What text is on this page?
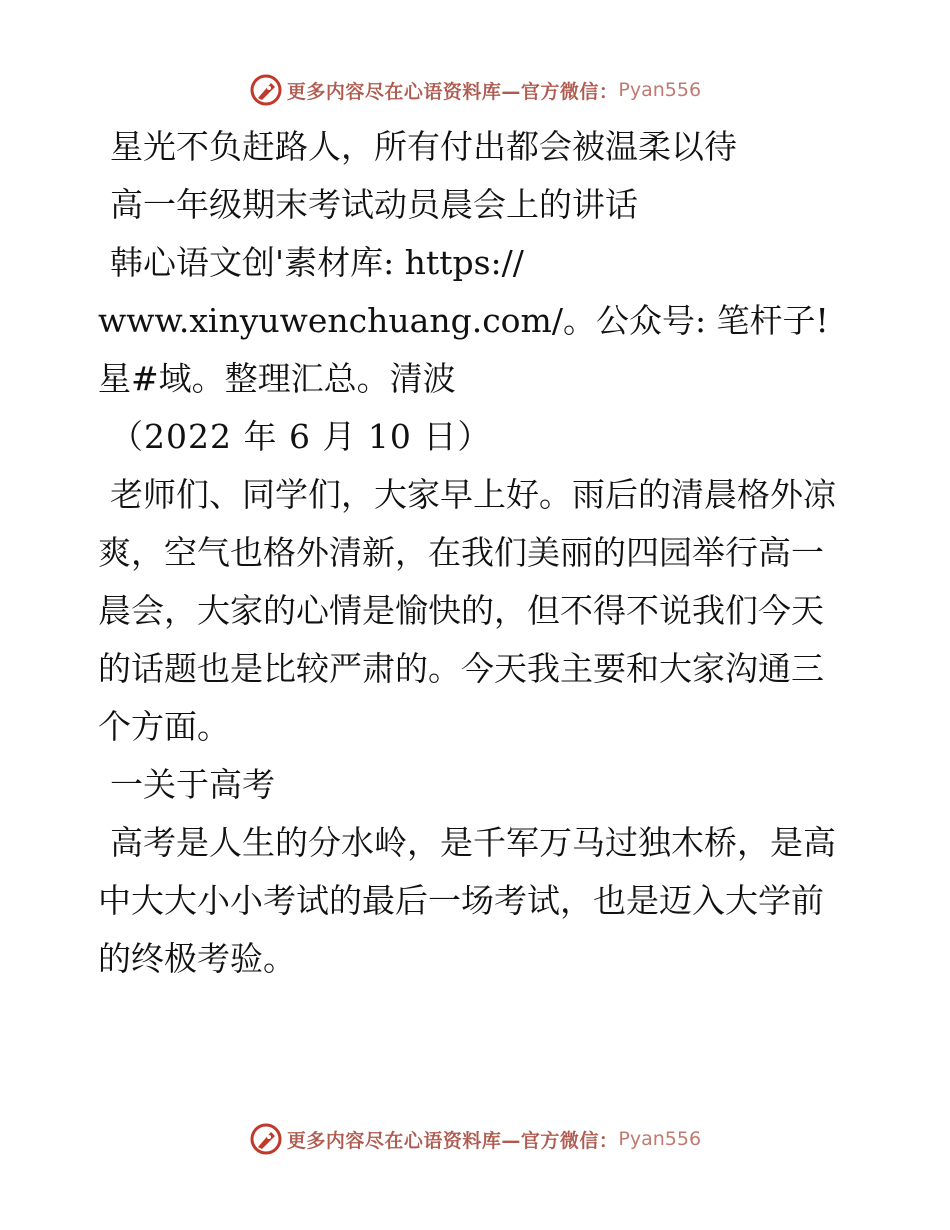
更多内容尽在心语资料库—官方微信： Pyan556

星光不负赶路人，所有付出都会被温柔以待

高一年级期末考试动员晨会上的讲话

韩心语文创'素材库: https://

www.xinyuwenchuang.com/。公众号: 笔杆子! 星#域。整理汇总。清波

（2022 年 6 月 10 日）

老师们、同学们，大家早上好。雨后的清晨格外凉爽，空气也格外清新，在我们美丽的四园举行高一晨会，大家的心情是愉快的，但不得不说我们今天的话题也是比较严肃的。今天我主要和大家沟通三个方面。

一关于高考

高考是人生的分水岭，是千军万马过独木桥，是高中大大小小考试的最后一场考试，也是迈入大学前的终极考验。

更多内容尽在心语资料库—官方微信： Pyan556
